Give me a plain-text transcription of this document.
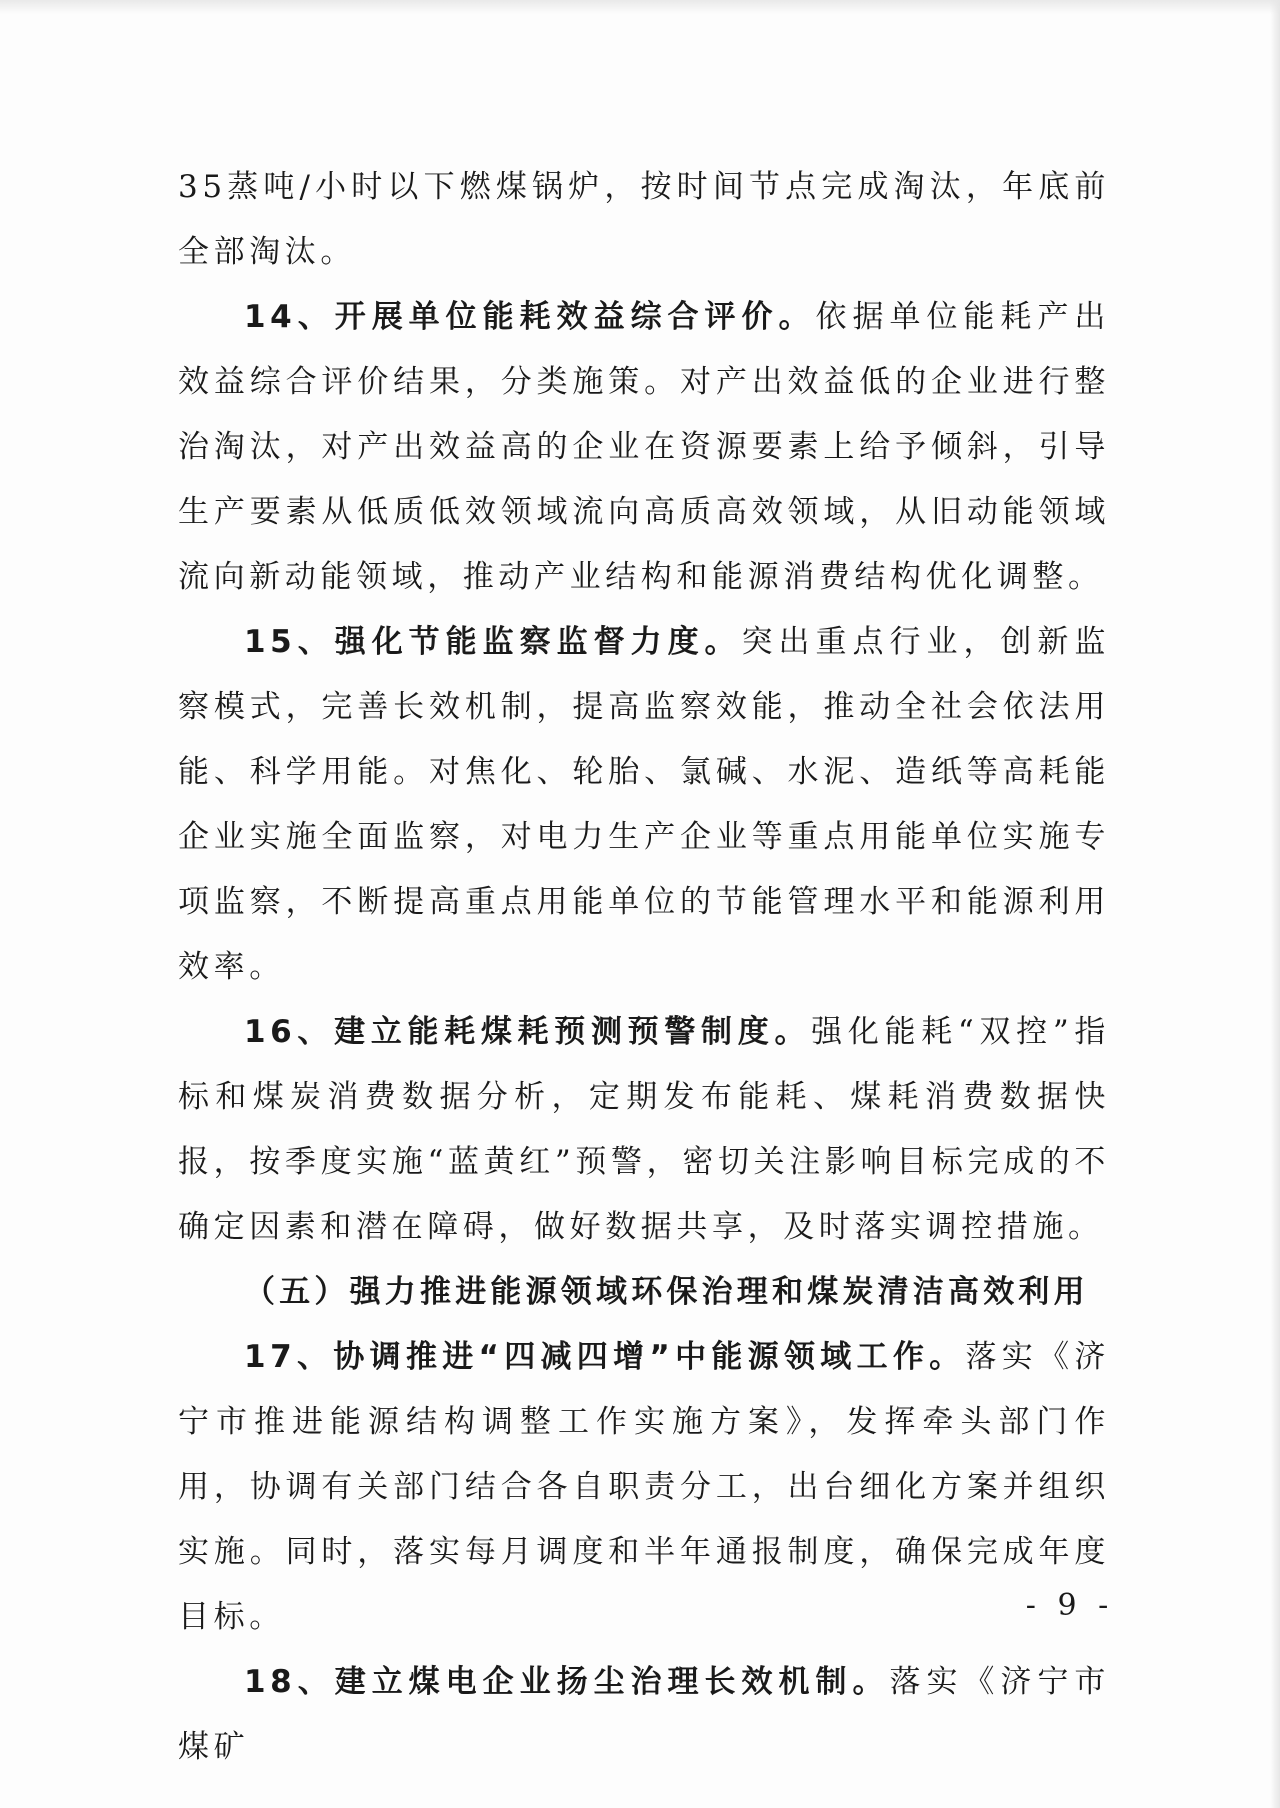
35蒸吨/小时以下燃煤锅炉，按时间节点完成淘汰，年底前全部淘汰。

14、开展单位能耗效益综合评价。依据单位能耗产出效益综合评价结果，分类施策。对产出效益低的企业进行整治淘汰，对产出效益高的企业在资源要素上给予倾斜，引导生产要素从低质低效领域流向高质高效领域，从旧动能领域流向新动能领域，推动产业结构和能源消费结构优化调整。

15、强化节能监察监督力度。突出重点行业，创新监察模式，完善长效机制，提高监察效能，推动全社会依法用能、科学用能。对焦化、轮胎、氯碱、水泥、造纸等高耗能企业实施全面监察，对电力生产企业等重点用能单位实施专项监察，不断提高重点用能单位的节能管理水平和能源利用效率。

16、建立能耗煤耗预测预警制度。强化能耗“双控”指标和煤炭消费数据分析，定期发布能耗、煤耗消费数据快报，按季度实施“蓝黄红”预警，密切关注影响目标完成的不确定因素和潜在障碍，做好数据共享，及时落实调控措施。

（五）强力推进能源领域环保治理和煤炭清洁高效利用

17、协调推进“四减四增”中能源领域工作。落实《济宁市推进能源结构调整工作实施方案》，发挥牵头部门作用，协调有关部门结合各自职责分工，出台细化方案并组织实施。同时，落实每月调度和半年通报制度，确保完成年度目标。

18、建立煤电企业扬尘治理长效机制。落实《济宁市煤矿

- 9 -
